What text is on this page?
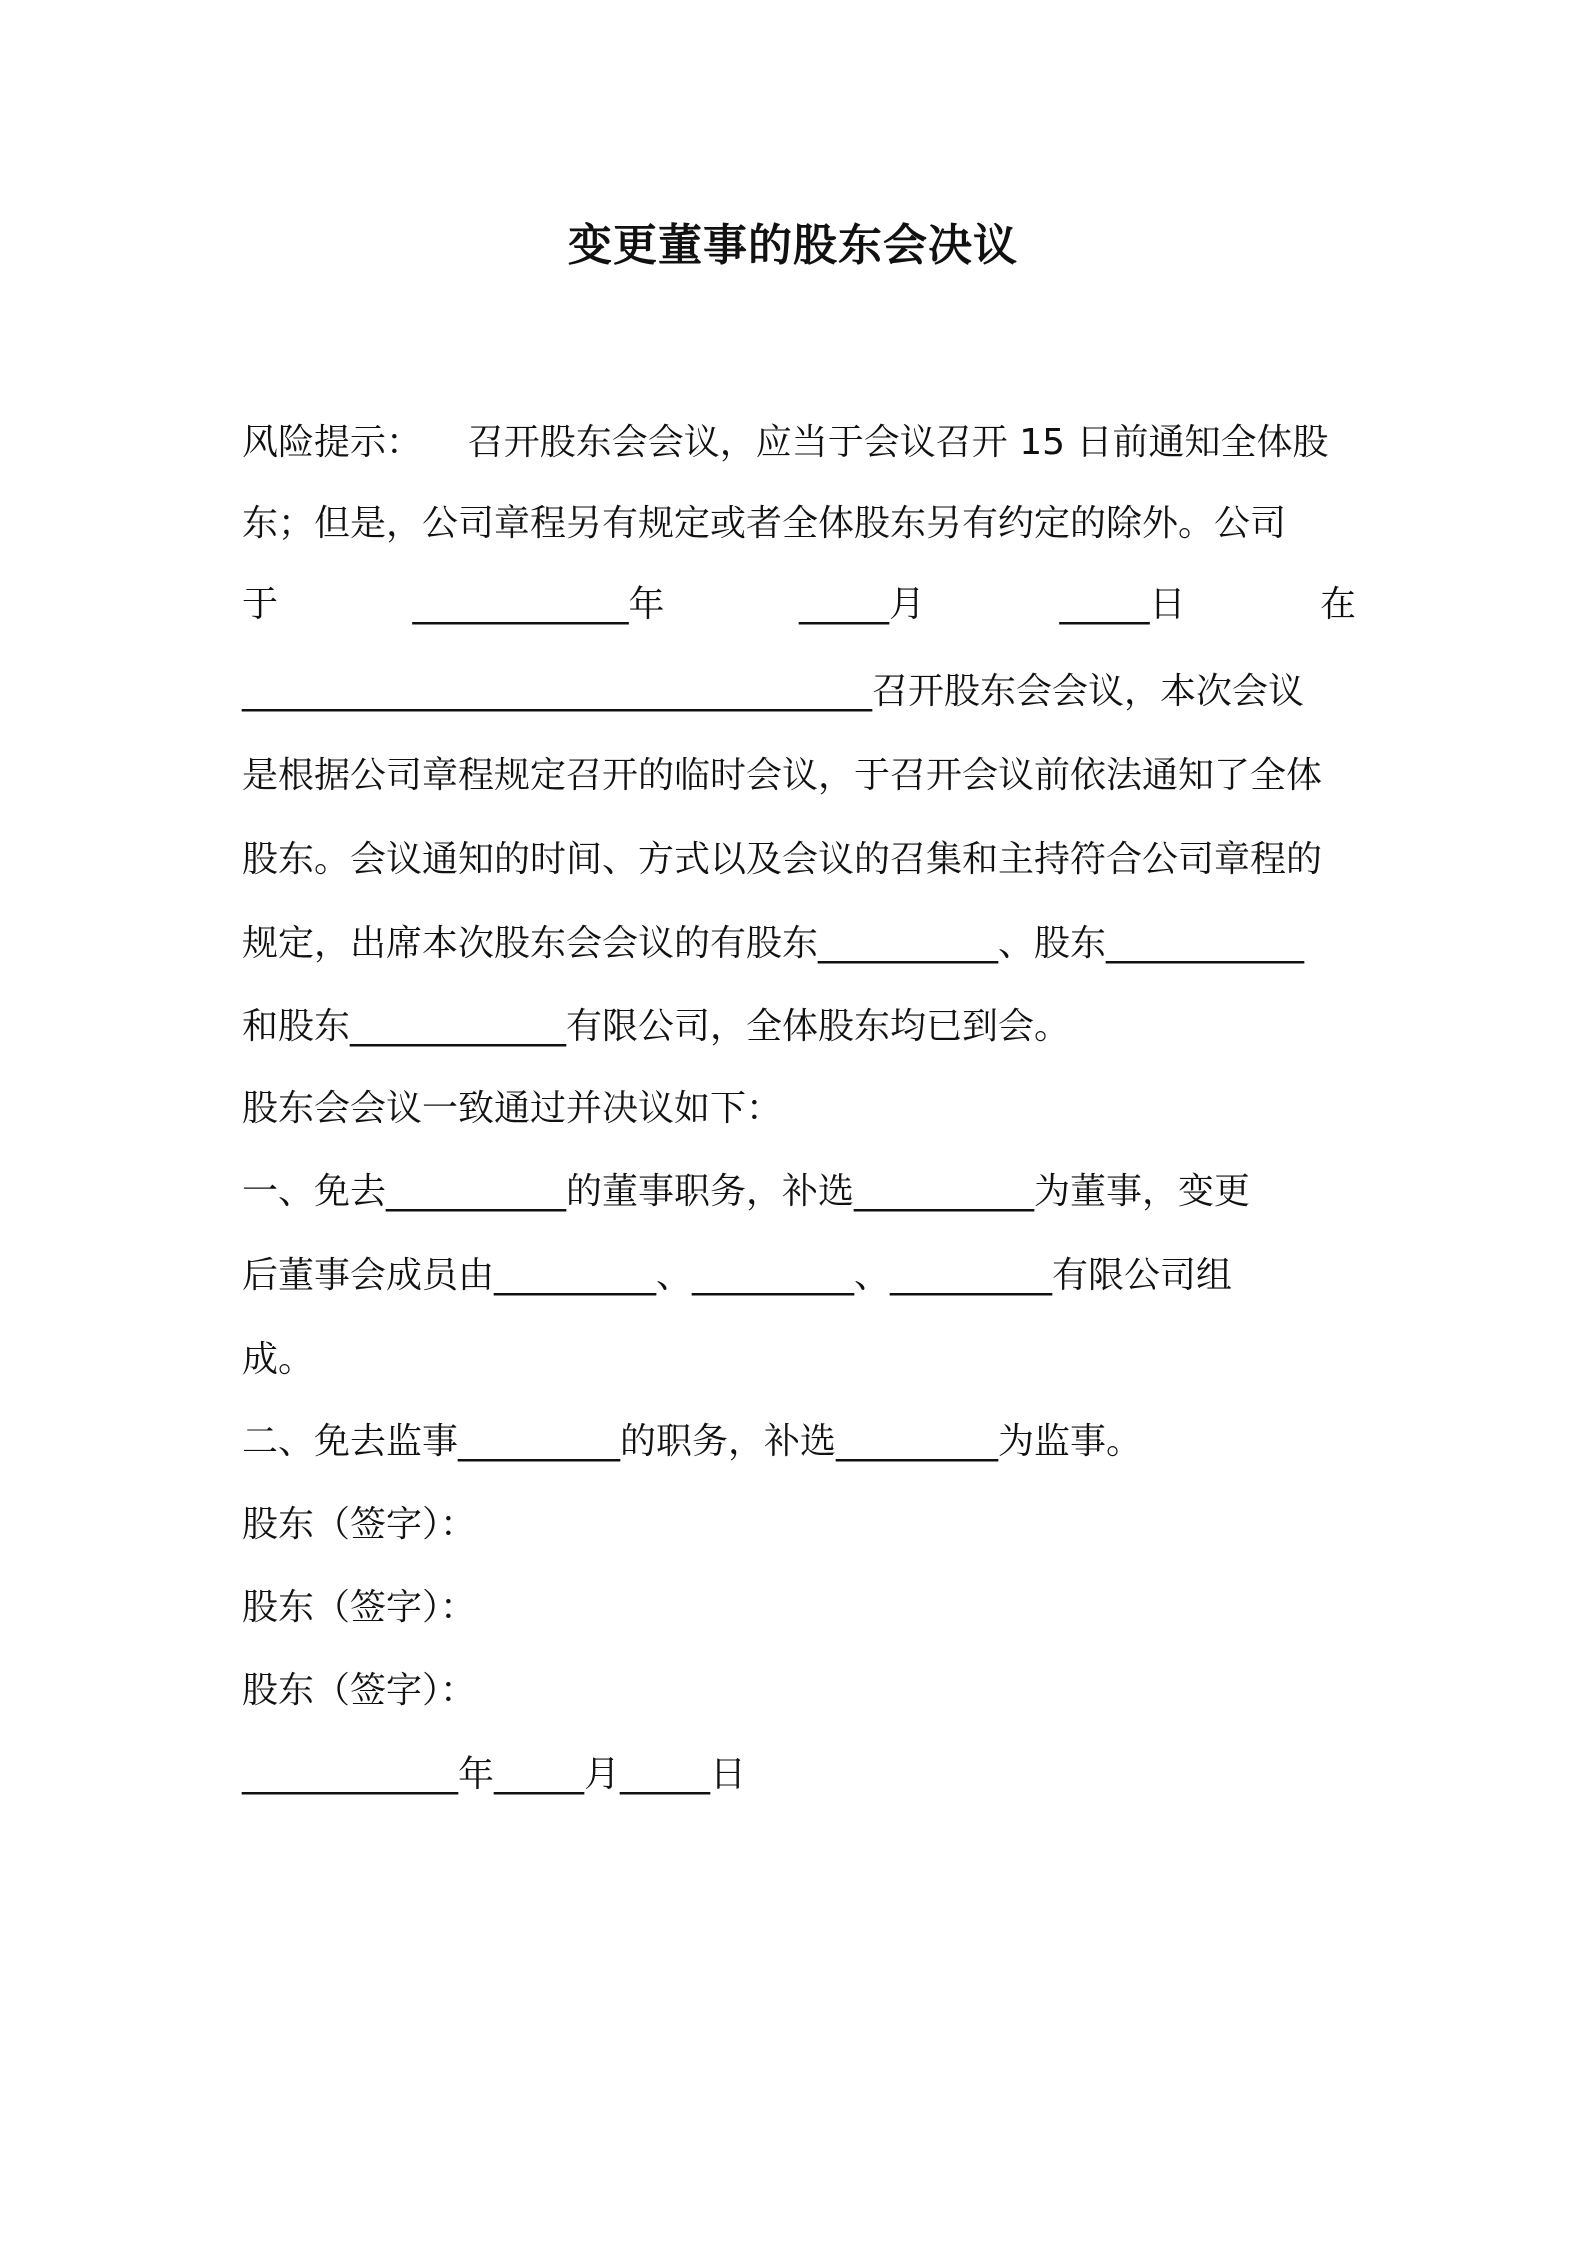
变更董事的股东会决议
风险提示：    召开股东会会议，应当于会议召开 15 日前通知全体股
东；但是，公司章程另有规定或者全体股东另有约定的除外。公司
于	____________年	_____月	_____日	在
___________________________________召开股东会会议，本次会议
是根据公司章程规定召开的临时会议，于召开会议前依法通知了全体
股东。会议通知的时间、方式以及会议的召集和主持符合公司章程的
规定，出席本次股东会会议的有股东__________、股东___________
和股东____________有限公司，全体股东均已到会。
股东会会议一致通过并决议如下：
一、免去__________的董事职务，补选__________为董事，变更
后董事会成员由_________、_________、_________有限公司组
成。
二、免去监事_________的职务，补选_________为监事。
股东（签字）：
股东（签字）：
股东（签字）：
____________年_____月_____日
